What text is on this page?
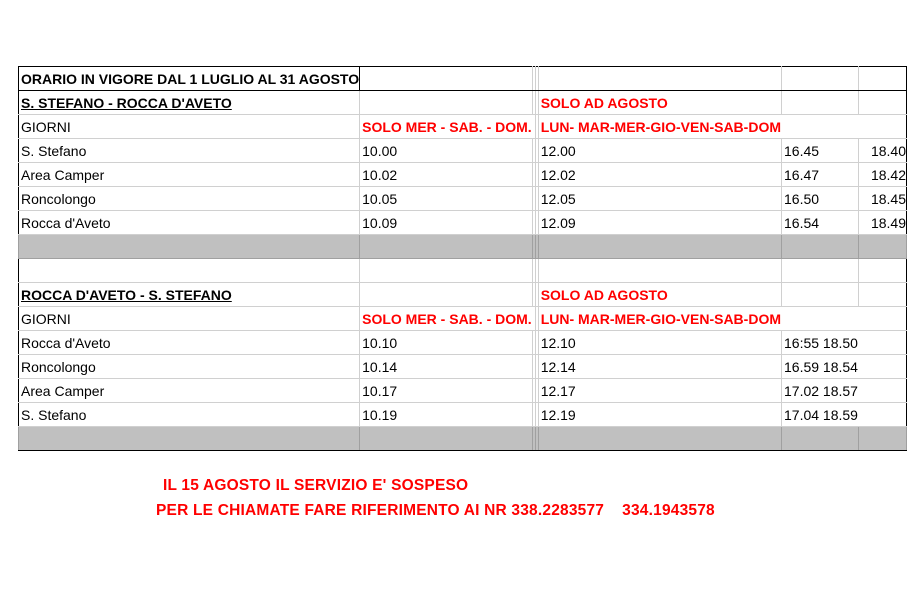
ORARIO IN VIGORE DAL 1 LUGLIO AL 31 AGOSTO						
S. STEFANO - ROCCA D'AVETO				SOLO AD AGOSTO		
GIORNI	SOLO MER - SAB. - DOM.			LUN- MAR-MER-GIO-VEN-SAB-DOM		
S. Stefano	10.00			12.00	16.45	18.40
Area Camper	10.02			12.02	16.47	18.42
Roncolongo	10.05			12.05	16.50	18.45
Rocca d'Aveto	10.09			12.09	16.54	18.49

ROCCA D'AVETO - S. STEFANO				SOLO AD AGOSTO		
GIORNI	SOLO MER - SAB. - DOM.			LUN- MAR-MER-GIO-VEN-SAB-DOM		
Rocca d'Aveto	10.10			12.10	16:55 18.50	
Roncolongo	10.14			12.14	16.59 18.54	
Area Camper	10.17			12.17	17.02 18.57	
S. Stefano	10.19			12.19	17.04 18.59	

IL 15 AGOSTO IL SERVIZIO E' SOSPESO
PER LE CHIAMATE FARE RIFERIMENTO AI NR 338.2283577    334.1943578
